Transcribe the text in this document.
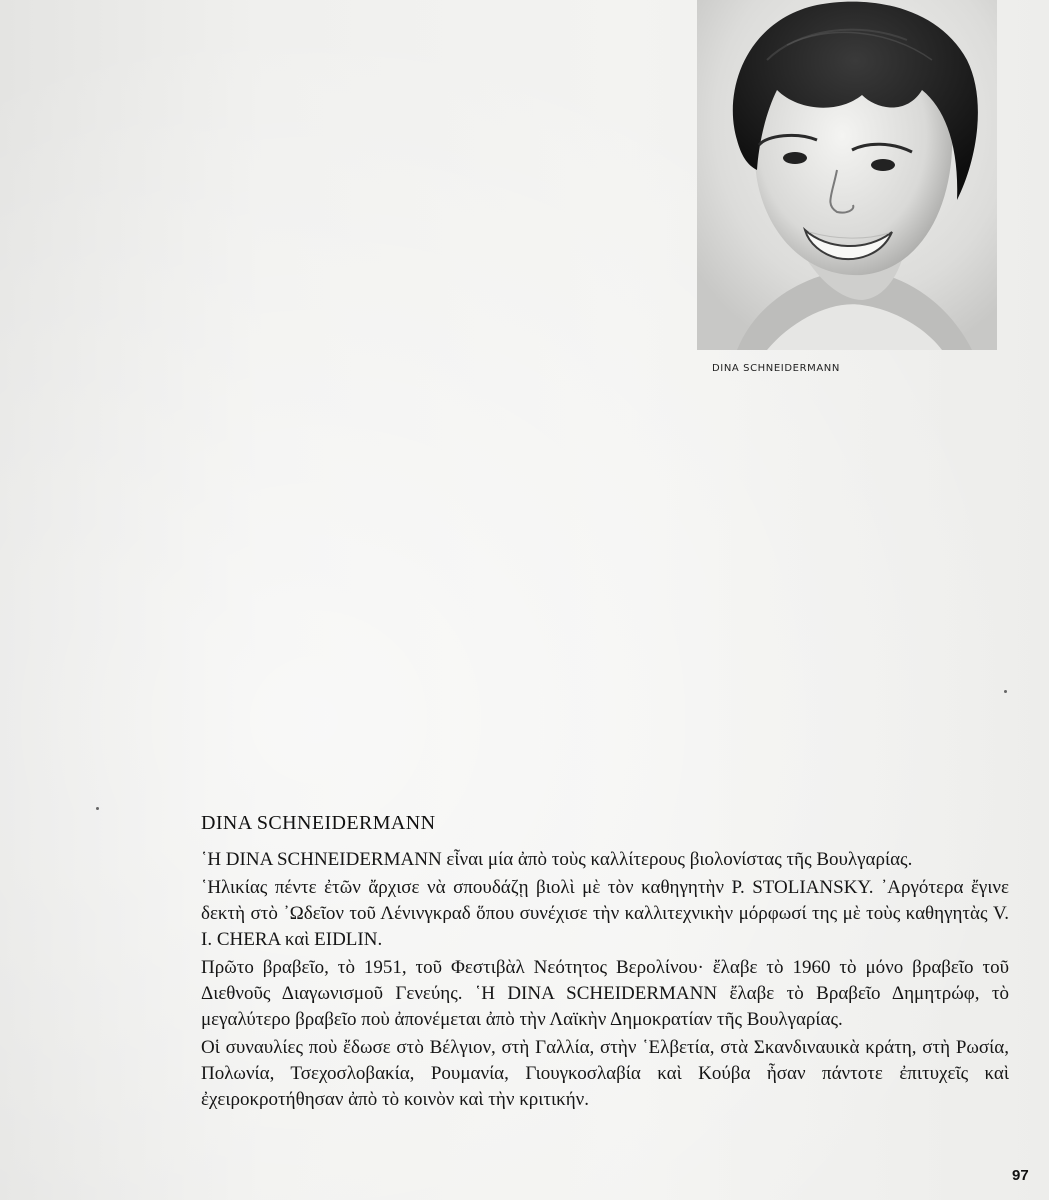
DINA SCHNEIDERMANN
DINA SCHNEIDERMANN

῾Η DINA SCHNEIDERMANN εἶναι μία ἀπὸ τοὺς καλλίτερους βιολονίστας τῆς Βουλγαρίας.

῾Ηλικίας πέντε ἐτῶν ἄρχισε νὰ σπουδάζῃ βιολὶ μὲ τὸν καθηγητὴν P. STOLIANSKY. ᾿Αργότερα ἔγινε δεκτὴ στὸ ᾿Ωδεῖον τοῦ Λένινγκραδ ὅπου συνέχισε τὴν καλλιτεχνικὴν μόρφωσί της μὲ τοὺς καθηγητὰς V. I. CHERA καὶ EIDLIN.

Πρῶτο βραβεῖο, τὸ 1951, τοῦ Φεστιβὰλ Νεότητος Βερολίνου· ἔλαβε τὸ 1960 τὸ μόνο βραβεῖο τοῦ Διεθνοῦς Διαγωνισμοῦ Γενεύης. ῾Η DINA SCHEIDERMANN ἔλαβε τὸ Βραβεῖο Δημητρώφ, τὸ μεγαλύτερο βραβεῖο ποὺ ἀπονέμεται ἀπὸ τὴν Λαϊκὴν Δημοκρατίαν τῆς Βουλγαρίας.

Οἱ συναυλίες ποὺ ἔδωσε στὸ Βέλγιον, στὴ Γαλλία, στὴν ῾Ελβετία, στὰ Σκανδιναυικὰ κράτη, στὴ Ρωσία, Πολωνία, Τσεχοσλοβακία, Ρουμανία, Γιουγκοσλαβία καὶ Κούβα ἦσαν πάντοτε ἐπιτυχεῖς καὶ ἐχειροκροτήθησαν ἀπὸ τὸ κοινὸν καὶ τὴν κριτικήν.

97
